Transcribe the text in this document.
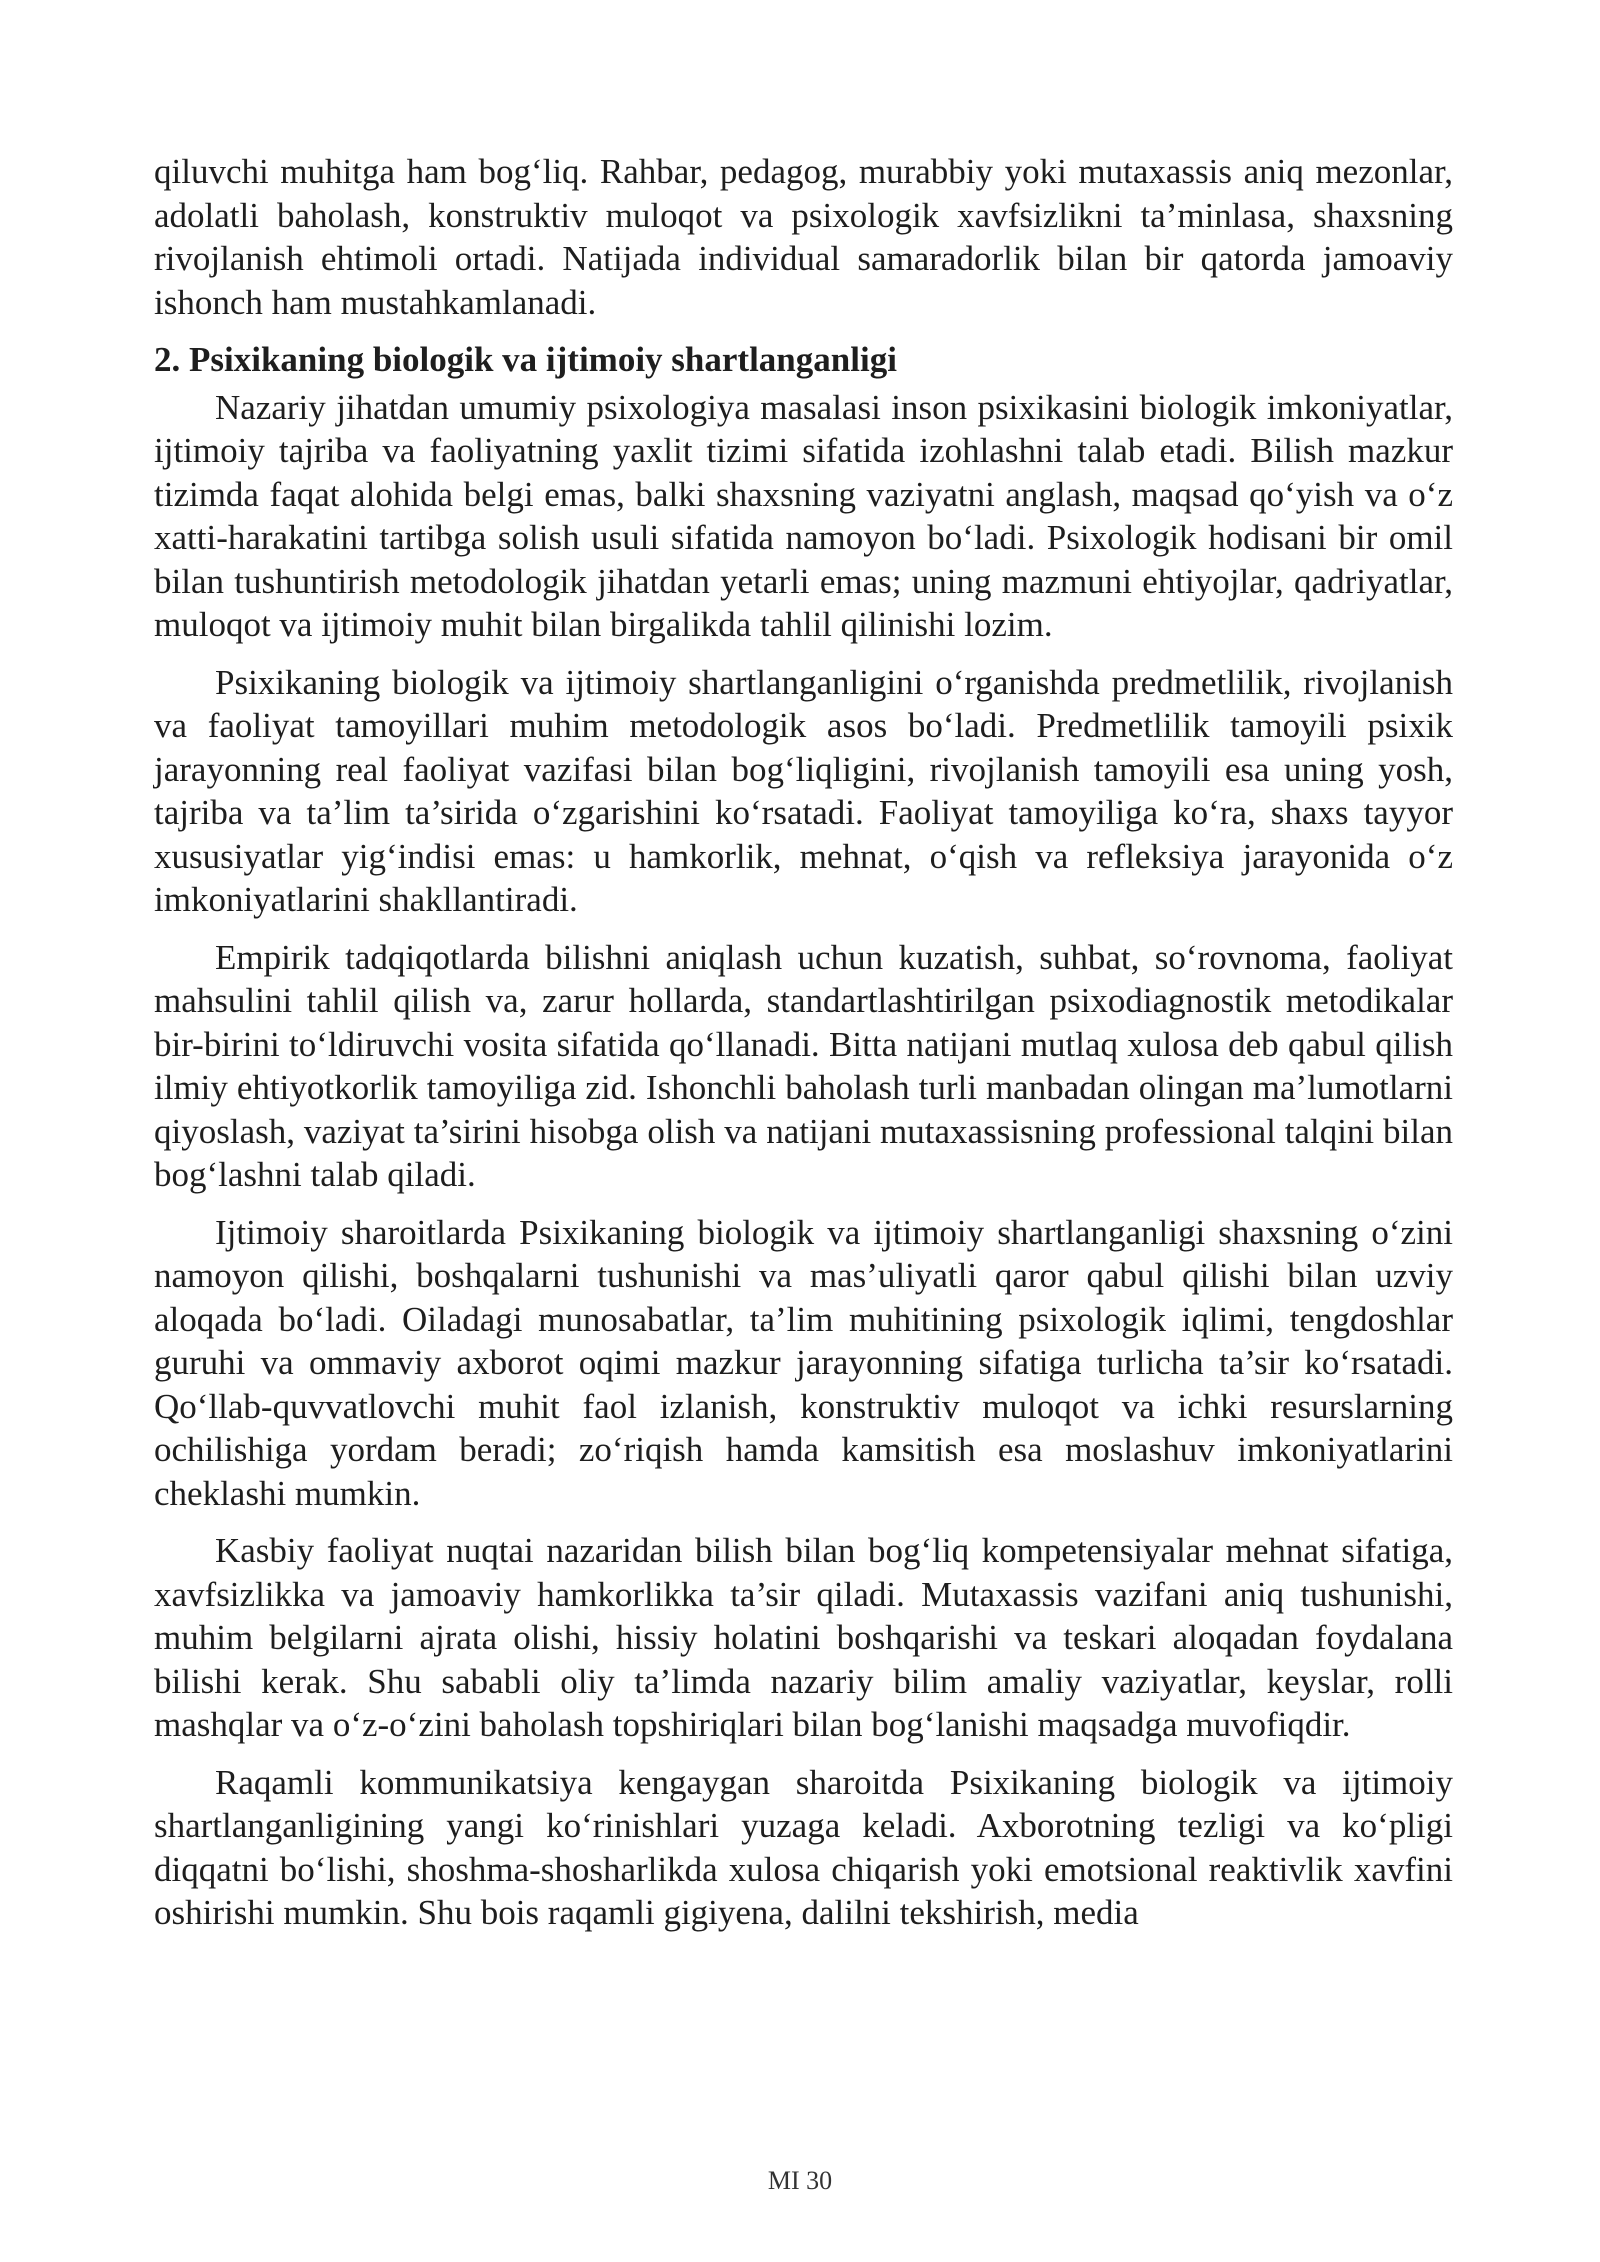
qiluvchi muhitga ham bog‘liq. Rahbar, pedagog, murabbiy yoki mutaxassis aniq mezonlar, adolatli baholash, konstruktiv muloqot va psixologik xavfsizlikni ta’minlasa, shaxsning rivojlanish ehtimoli ortadi. Natijada individual samaradorlik bilan bir qatorda jamoaviy ishonch ham mustahkamlanadi.

2. Psixikaning biologik va ijtimoiy shartlanganligi

Nazariy jihatdan umumiy psixologiya masalasi inson psixikasini biologik imkoniyatlar, ijtimoiy tajriba va faoliyatning yaxlit tizimi sifatida izohlashni talab etadi. Bilish mazkur tizimda faqat alohida belgi emas, balki shaxsning vaziyatni anglash, maqsad qo‘yish va o‘z xatti-harakatini tartibga solish usuli sifatida namoyon bo‘ladi. Psixologik hodisani bir omil bilan tushuntirish metodologik jihatdan yetarli emas; uning mazmuni ehtiyojlar, qadriyatlar, muloqot va ijtimoiy muhit bilan birgalikda tahlil qilinishi lozim.

Psixikaning biologik va ijtimoiy shartlanganligini o‘rganishda predmetlilik, rivojlanish va faoliyat tamoyillari muhim metodologik asos bo‘ladi. Predmetlilik tamoyili psixik jarayonning real faoliyat vazifasi bilan bog‘liqligini, rivojlanish tamoyili esa uning yosh, tajriba va ta’lim ta’sirida o‘zgarishini ko‘rsatadi. Faoliyat tamoyiliga ko‘ra, shaxs tayyor xususiyatlar yig‘indisi emas: u hamkorlik, mehnat, o‘qish va refleksiya jarayonida o‘z imkoniyatlarini shakllantiradi.

Empirik tadqiqotlarda bilishni aniqlash uchun kuzatish, suhbat, so‘rovnoma, faoliyat mahsulini tahlil qilish va, zarur hollarda, standartlashtirilgan psixodiagnostik metodikalar bir-birini to‘ldiruvchi vosita sifatida qo‘llanadi. Bitta natijani mutlaq xulosa deb qabul qilish ilmiy ehtiyotkorlik tamoyiliga zid. Ishonchli baholash turli manbadan olingan ma’lumotlarni qiyoslash, vaziyat ta’sirini hisobga olish va natijani mutaxassisning professional talqini bilan bog‘lashni talab qiladi.

Ijtimoiy sharoitlarda Psixikaning biologik va ijtimoiy shartlanganligi shaxsning o‘zini namoyon qilishi, boshqalarni tushunishi va mas’uliyatli qaror qabul qilishi bilan uzviy aloqada bo‘ladi. Oiladagi munosabatlar, ta’lim muhitining psixologik iqlimi, tengdoshlar guruhi va ommaviy axborot oqimi mazkur jarayonning sifatiga turlicha ta’sir ko‘rsatadi. Qo‘llab-quvvatlovchi muhit faol izlanish, konstruktiv muloqot va ichki resurslarning ochilishiga yordam beradi; zo‘riqish hamda kamsitish esa moslashuv imkoniyatlarini cheklashi mumkin.

Kasbiy faoliyat nuqtai nazaridan bilish bilan bog‘liq kompetensiyalar mehnat sifatiga, xavfsizlikka va jamoaviy hamkorlikka ta’sir qiladi. Mutaxassis vazifani aniq tushunishi, muhim belgilarni ajrata olishi, hissiy holatini boshqarishi va teskari aloqadan foydalana bilishi kerak. Shu sababli oliy ta’limda nazariy bilim amaliy vaziyatlar, keyslar, rolli mashqlar va o‘z-o‘zini baholash topshiriqlari bilan bog‘lanishi maqsadga muvofiqdir.

Raqamli kommunikatsiya kengaygan sharoitda Psixikaning biologik va ijtimoiy shartlanganligining yangi ko‘rinishlari yuzaga keladi. Axborotning tezligi va ko‘pligi diqqatni bo‘lishi, shoshma-shosharlikda xulosa chiqarish yoki emotsional reaktivlik xavfini oshirishi mumkin. Shu bois raqamli gigiyena, dalilni tekshirish, media

MI 30
